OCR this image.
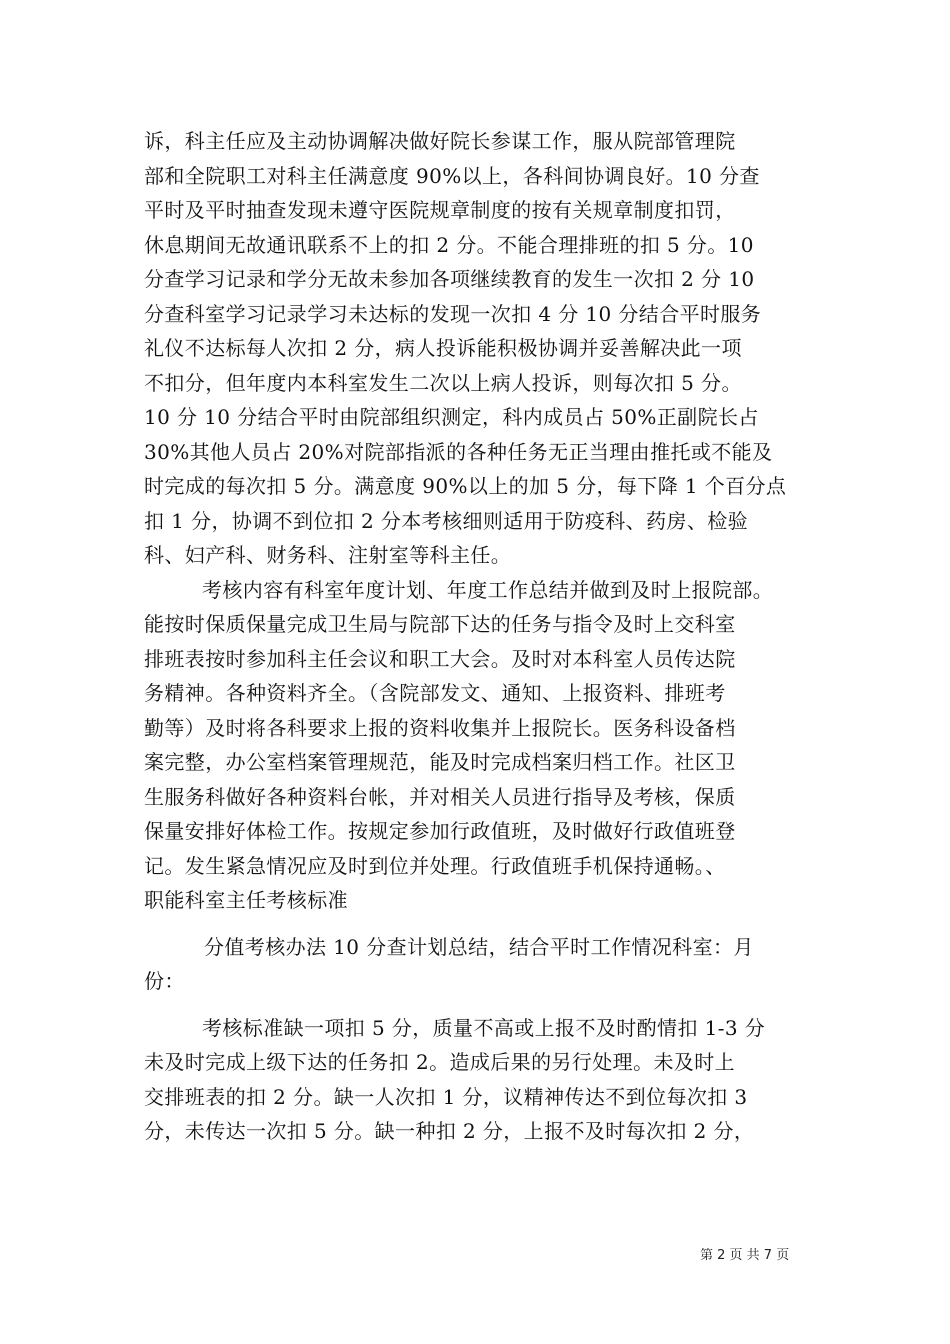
诉，科主任应及主动协调解决做好院长参谋工作，服从院部管理院
部和全院职工对科主任满意度 90%以上，各科间协调良好。10 分查
平时及平时抽查发现未遵守医院规章制度的按有关规章制度扣罚，
休息期间无故通讯联系不上的扣 2 分。不能合理排班的扣 5 分。10
分查学习记录和学分无故未参加各项继续教育的发生一次扣 2 分 10
分查科室学习记录学习未达标的发现一次扣 4 分 10 分结合平时服务
礼仪不达标每人次扣 2 分，病人投诉能积极协调并妥善解决此一项
不扣分，但年度内本科室发生二次以上病人投诉，则每次扣 5 分。
10 分 10 分结合平时由院部组织测定，科内成员占 50%正副院长占
30%其他人员占 20%对院部指派的各种任务无正当理由推托或不能及
时完成的每次扣 5 分。满意度 90%以上的加 5 分，每下降 1 个百分点
扣 1 分，协调不到位扣 2 分本考核细则适用于防疫科、药房、检验
科、妇产科、财务科、注射室等科主任。
考核内容有科室年度计划、年度工作总结并做到及时上报院部。
能按时保质保量完成卫生局与院部下达的任务与指令及时上交科室
排班表按时参加科主任会议和职工大会。及时对本科室人员传达院
务精神。各种资料齐全。（含院部发文、通知、上报资料、排班考
勤等）及时将各科要求上报的资料收集并上报院长。医务科设备档
案完整，办公室档案管理规范，能及时完成档案归档工作。社区卫
生服务科做好各种资料台帐，并对相关人员进行指导及考核，保质
保量安排好体检工作。按规定参加行政值班，及时做好行政值班登
记。发生紧急情况应及时到位并处理。行政值班手机保持通畅。、
职能科室主任考核标准
分值考核办法 10 分查计划总结，结合平时工作情况科室：月
份：
考核标准缺一项扣 5 分，质量不高或上报不及时酌情扣 1-3 分
未及时完成上级下达的任务扣 2。造成后果的另行处理。未及时上
交排班表的扣 2 分。缺一人次扣 1 分，议精神传达不到位每次扣 3
分，未传达一次扣 5 分。缺一种扣 2 分，上报不及时每次扣 2 分，
第 2 页 共 7 页
